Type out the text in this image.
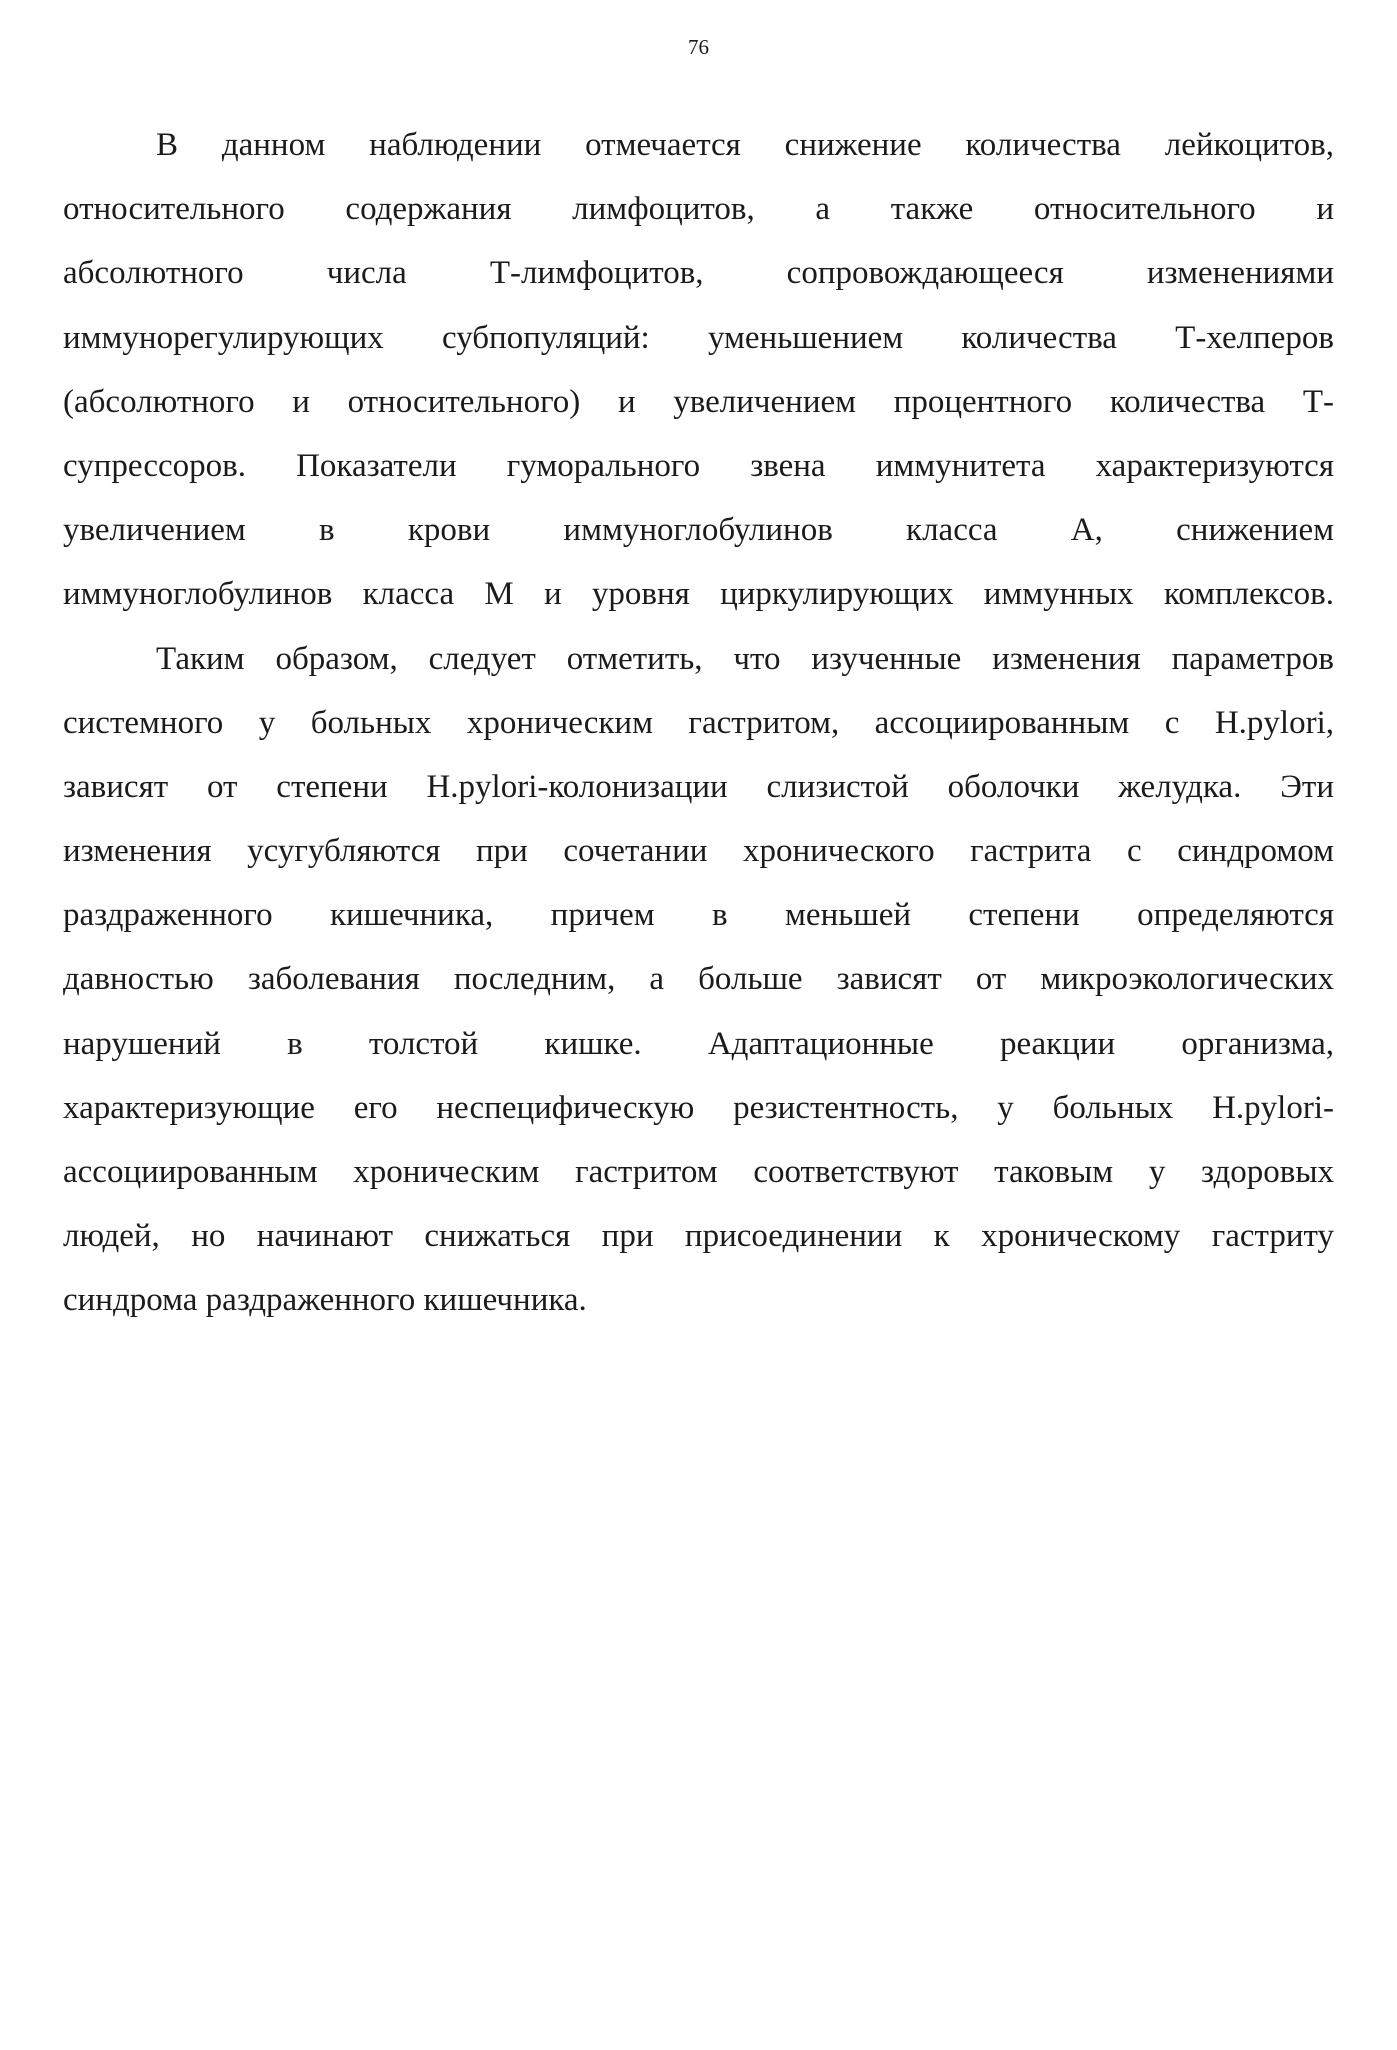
76
В данном наблюдении отмечается снижение количества лейкоцитов,
относительного содержания лимфоцитов, а также относительного и
абсолютного числа Т-лимфоцитов, сопровождающееся изменениями
иммунорегулирующих субпопуляций: уменьшением количества Т-хелперов
(абсолютного и относительного) и увеличением процентного количества Т-
супрессоров. Показатели гуморального звена иммунитета характеризуются
увеличением в крови иммуноглобулинов класса А, снижением
иммуноглобулинов класса М и уровня циркулирующих иммунных комплексов.
Таким образом, следует отметить, что изученные изменения параметров
системного у больных хроническим гастритом, ассоциированным с H.pylori,
зависят от степени H.pylori-колонизации слизистой оболочки желудка. Эти
изменения усугубляются при сочетании хронического гастрита с синдромом
раздраженного кишечника, причем в меньшей степени определяются
давностью заболевания последним, а больше зависят от микроэкологических
нарушений в толстой кишке. Адаптационные реакции организма,
характеризующие его неспецифическую резистентность, у больных H.pylori-
ассоциированным хроническим гастритом соответствуют таковым у здоровых
людей, но начинают снижаться при присоединении к хроническому гастриту
синдрома раздраженного кишечника.
